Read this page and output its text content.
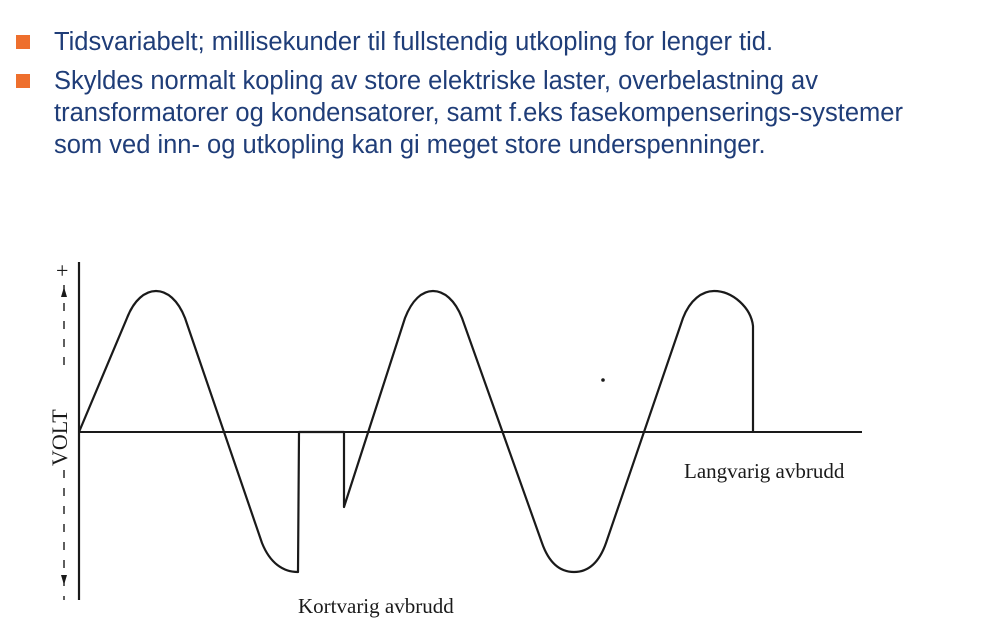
Tidsvariabelt; millisekunder til fullstendig utkopling for lenger tid.
Skyldes normalt kopling av store elektriske laster, overbelastning av transformatorer og kondensatorer, samt f.eks fasekompenserings-systemer som ved inn- og utkopling kan gi meget store underspenninger.
+
VOLT
Kortvarig avbrudd
Langvarig avbrudd
